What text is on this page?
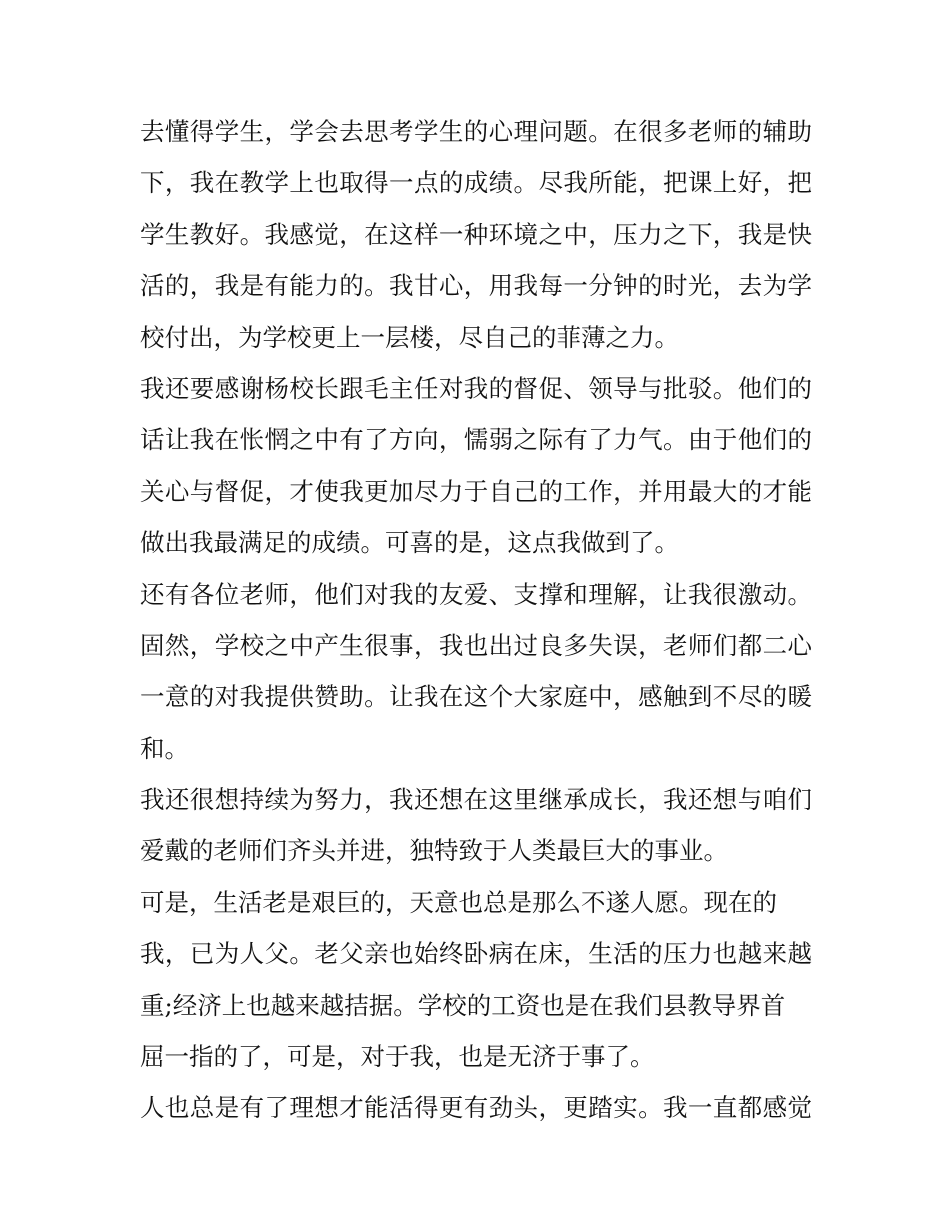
去懂得学生，学会去思考学生的心理问题。在很多老师的辅助
下，我在教学上也取得一点的成绩。尽我所能，把课上好，把
学生教好。我感觉，在这样一种环境之中，压力之下，我是快
活的，我是有能力的。我甘心，用我每一分钟的时光，去为学
校付出，为学校更上一层楼，尽自己的菲薄之力。
我还要感谢杨校长跟毛主任对我的督促、领导与批驳。他们的
话让我在怅惘之中有了方向，懦弱之际有了力气。由于他们的
关心与督促，才使我更加尽力于自己的工作，并用最大的才能
做出我最满足的成绩。可喜的是，这点我做到了。
还有各位老师，他们对我的友爱、支撑和理解，让我很激动。
固然，学校之中产生很事，我也出过良多失误，老师们都二心
一意的对我提供赞助。让我在这个大家庭中，感触到不尽的暖
和。
我还很想持续为努力，我还想在这里继承成长，我还想与咱们
爱戴的老师们齐头并进，独特致于人类最巨大的事业。
可是，生活老是艰巨的，天意也总是那么不遂人愿。现在的
我，已为人父。老父亲也始终卧病在床，生活的压力也越来越
重;经济上也越来越拮据。学校的工资也是在我们县教导界首
屈一指的了，可是，对于我，也是无济于事了。
人也总是有了理想才能活得更有劲头，更踏实。我一直都感觉
